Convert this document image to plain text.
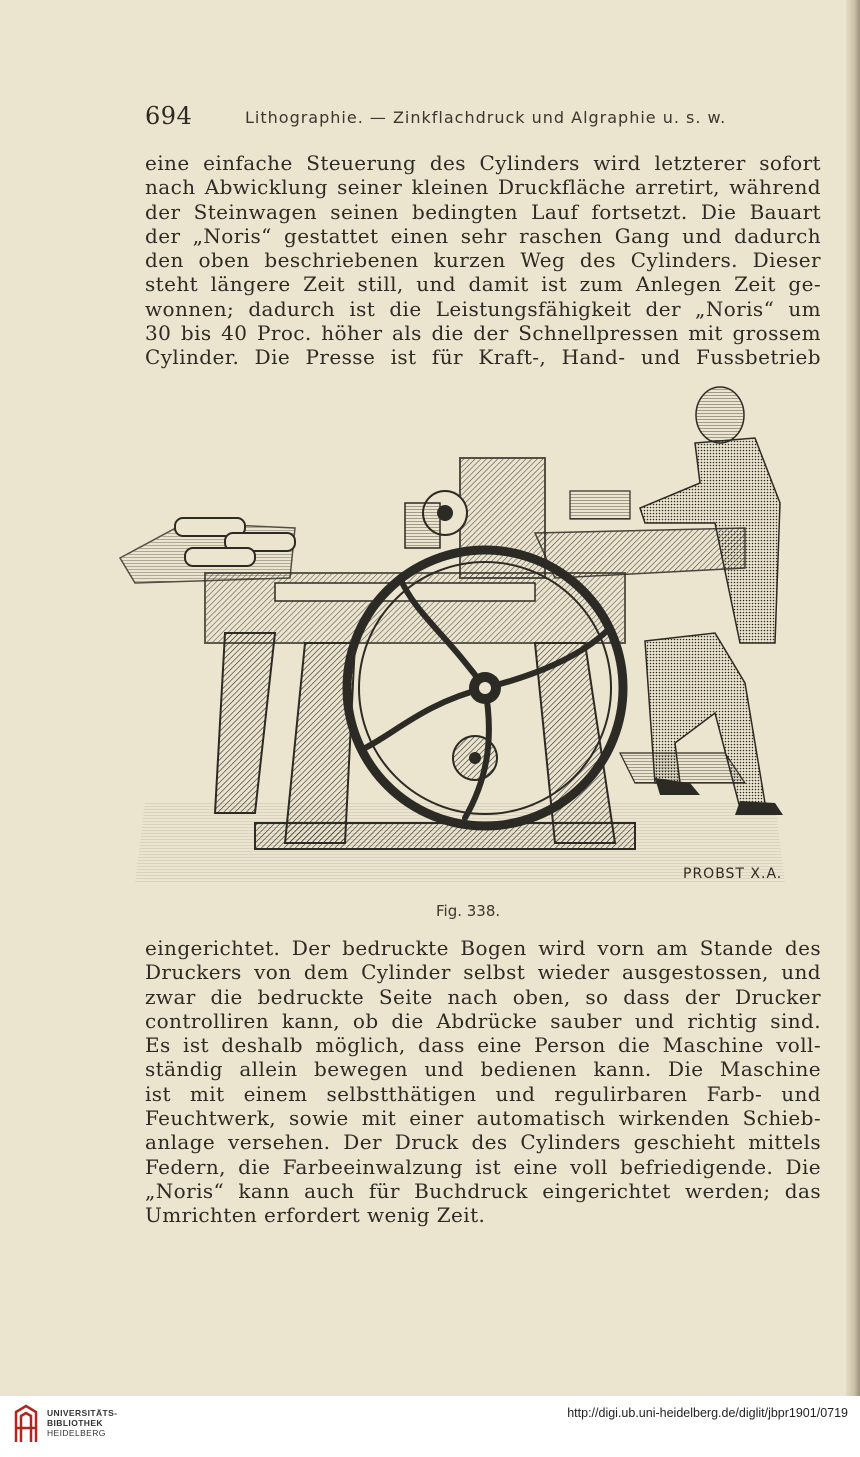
694	Lithographie. — Zinkflachdruck und Algraphie u. s. w.

eine einfache Steuerung des Cylinders wird letzterer sofort

nach Abwicklung seiner kleinen Druckfläche arretirt, während

der Steinwagen seinen bedingten Lauf fortsetzt. Die Bauart

der „Noris“ gestattet einen sehr raschen Gang und dadurch

den oben beschriebenen kurzen Weg des Cylinders. Dieser

steht längere Zeit still, und damit ist zum Anlegen Zeit ge-

wonnen; dadurch ist die Leistungsfähigkeit der „Noris“ um

30 bis 40 Proc. höher als die der Schnellpressen mit grossem

Cylinder. Die Presse ist für Kraft-, Hand- und Fussbetrieb

PROBST X.A.
Fig. 338.

eingerichtet. Der bedruckte Bogen wird vorn am Stande des

Druckers von dem Cylinder selbst wieder ausgestossen, und

zwar die bedruckte Seite nach oben, so dass der Drucker

controlliren kann, ob die Abdrücke sauber und richtig sind.

Es ist deshalb möglich, dass eine Person die Maschine voll-

ständig allein bewegen und bedienen kann. Die Maschine

ist mit einem selbstthätigen und regulirbaren Farb- und

Feuchtwerk, sowie mit einer automatisch wirkenden Schieb-

anlage versehen. Der Druck des Cylinders geschieht mittels

Federn, die Farbeeinwalzung ist eine voll befriedigende. Die

„Noris“ kann auch für Buchdruck eingerichtet werden; das

Umrichten erfordert wenig Zeit.

UNIVERSITÄTS-
BIBLIOTHEK
HEIDELBERG
http://digi.ub.uni-heidelberg.de/diglit/jbpr1901/0719
